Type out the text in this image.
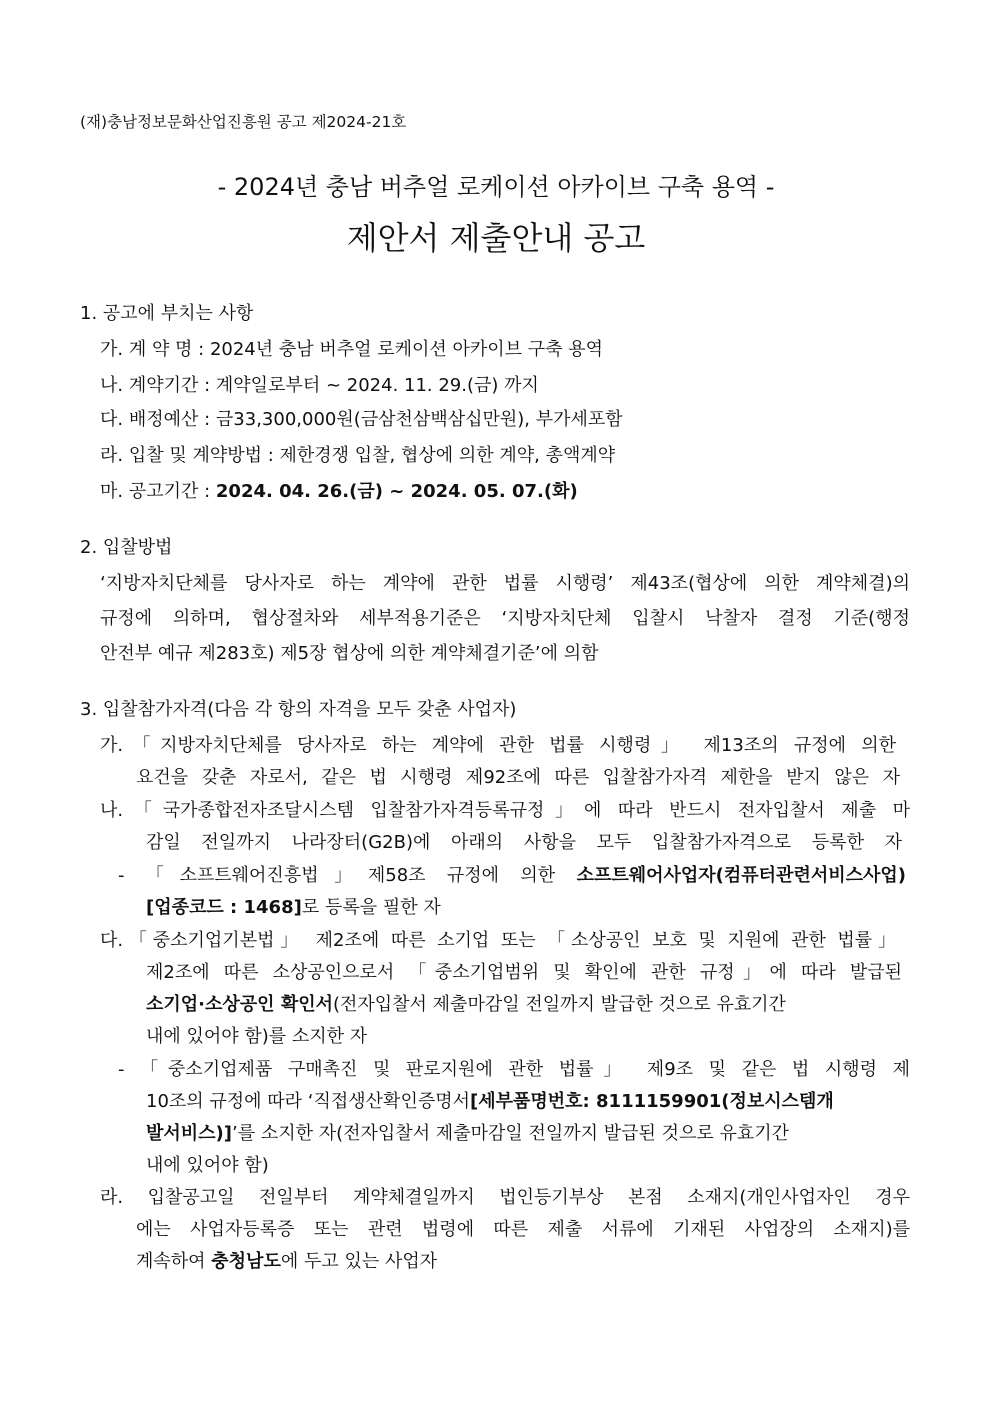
(재)충남정보문화산업진흥원 공고 제2024-21호
- 2024년 충남 버추얼 로케이션 아카이브 구축 용역 -
제안서 제출안내 공고
1. 공고에 부치는 사항
가. 계 약 명 : 2024년 충남 버추얼 로케이션 아카이브 구축 용역
나. 계약기간 : 계약일로부터 ~ 2024. 11. 29.(금) 까지
다. 배정예산 : 금33,300,000원(금삼천삼백삼십만원), 부가세포함
라. 입찰 및 계약방법 : 제한경쟁 입찰, 협상에 의한 계약, 총액계약
마. 공고기간 : 2024. 04. 26.(금) ~ 2024. 05. 07.(화)
2. 입찰방법
‘지방자치단체를 당사자로 하는 계약에 관한 법률 시행령’ 제43조(협상에 의한 계약체결)의
규정에 의하며, 협상절차와 세부적용기준은 ‘지방자치단체 입찰시 낙찰자 결정 기준(행정
안전부 예규 제283호) 제5장 협상에 의한 계약체결기준’에 의함
3. 입찰참가자격(다음 각 항의 자격을 모두 갖춘 사업자)
가.「지방자치단체를 당사자로 하는 계약에 관한 법률 시행령」 제13조의 규정에 의한
요건을 갖춘 자로서, 같은 법 시행령 제92조에 따른 입찰참가자격 제한을 받지 않은 자
나.「국가종합전자조달시스템 입찰참가자격등록규정」에 따라 반드시 전자입찰서 제출 마
감일 전일까지 나라장터(G2B)에 아래의 사항을 모두 입찰참가자격으로 등록한 자
- 「소프트웨어진흥법」제58조 규정에 의한 소프트웨어사업자(컴퓨터관련서비스사업)
[업종코드 : 1468]로 등록을 필한 자
다.「중소기업기본법」 제2조에 따른 소기업 또는 「소상공인 보호 및 지원에 관한 법률」
제2조에 따른 소상공인으로서 「중소기업범위 및 확인에 관한 규정」에 따라 발급된
소기업·소상공인 확인서(전자입찰서 제출마감일 전일까지 발급한 것으로 유효기간
내에 있어야 함)를 소지한 자
- 「중소기업제품 구매촉진 및 판로지원에 관한 법률」 제9조 및 같은 법 시행령 제
10조의 규정에 따라 ‘직접생산확인증명서[세부품명번호: 8111159901(정보시스템개
발서비스)]’를 소지한 자(전자입찰서 제출마감일 전일까지 발급된 것으로 유효기간
내에 있어야 함)
라. 입찰공고일 전일부터 계약체결일까지 법인등기부상 본점 소재지(개인사업자인 경우
에는 사업자등록증 또는 관련 법령에 따른 제출 서류에 기재된 사업장의 소재지)를
계속하여 충청남도에 두고 있는 사업자
